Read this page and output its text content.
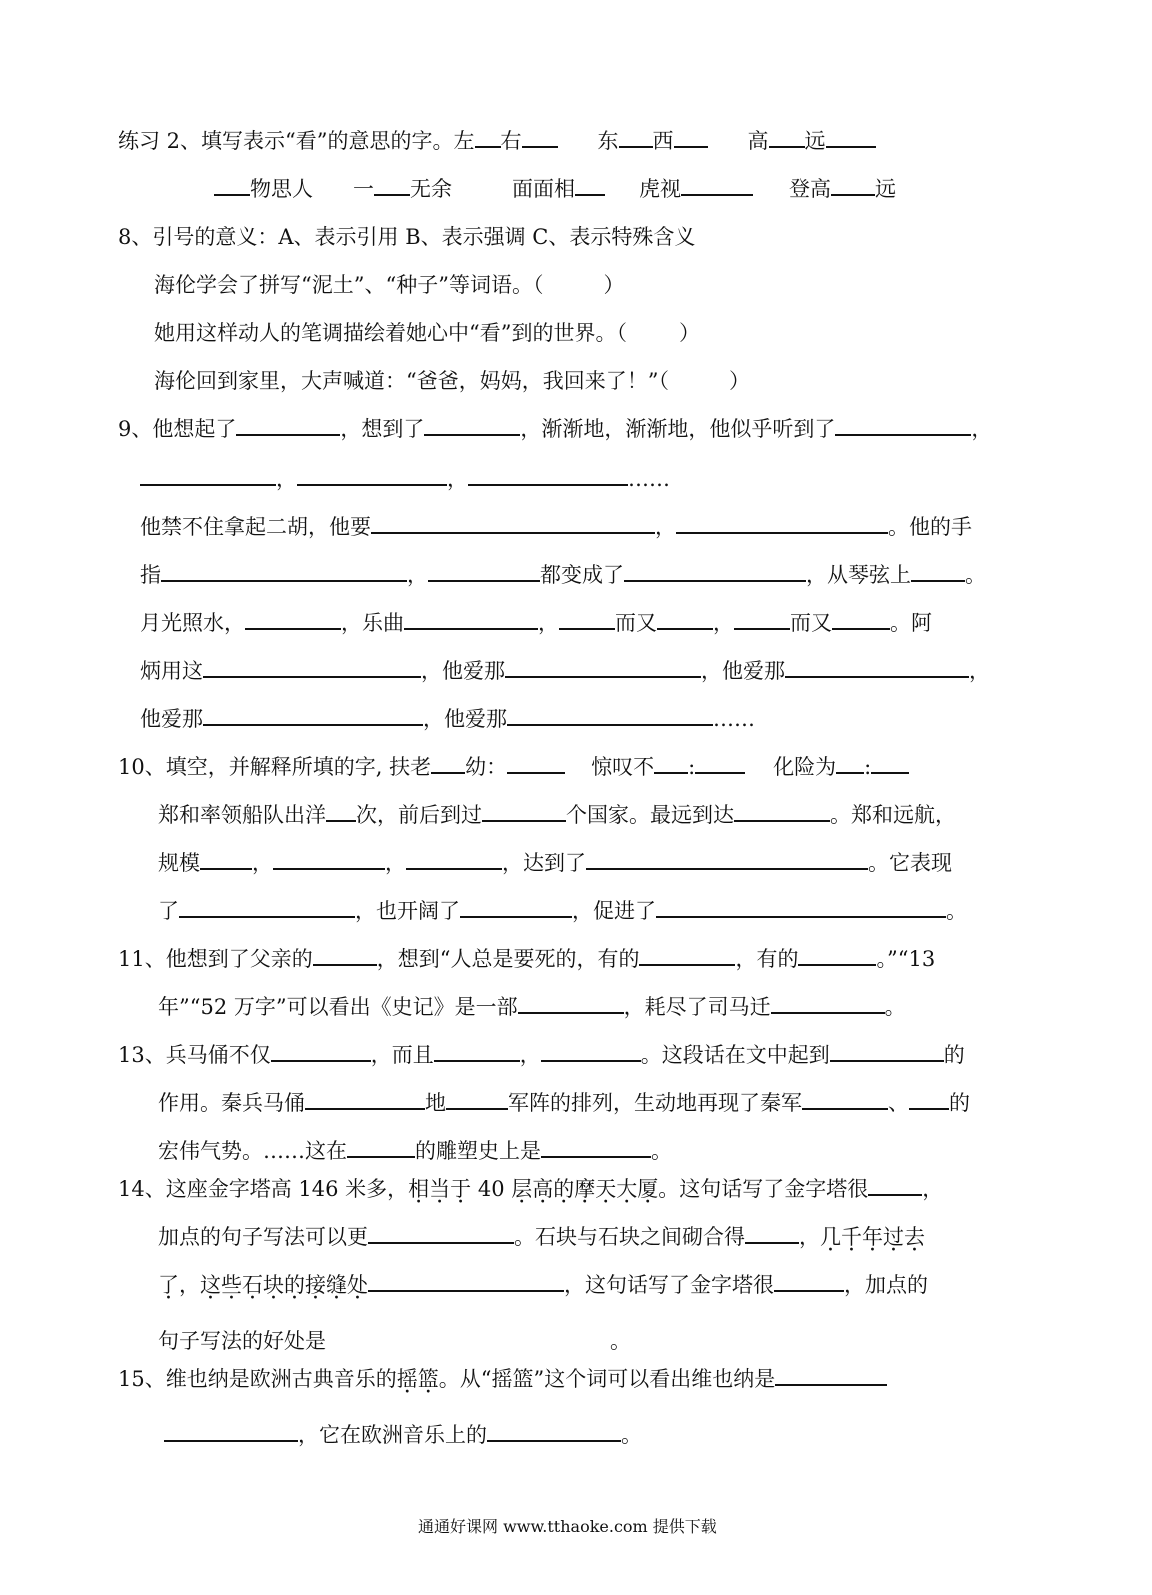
练习 2、填写表示“看”的意思的字。左 右	东 西	高 远
物思人 一 无余	面面相	虎视	登高 远
8、引号的意义：A、表示引用 B、表示强调 C、表示特殊含义
海伦学会了拼写“泥土”、“种子”等词语。（	）
她用这样动人的笔调描绘着她心中“看”到的世界。（ ）
海伦回到家里，大声喊道：“爸爸，妈妈，我回来了！”（	）
9、他想起了	，想到了	，渐渐地，渐渐地，他似乎听到了	，
，	，	……
他禁不住拿起二胡，他要	，	。他的手
指	，	都变成了	，从琴弦上	。
月光照水，	，乐曲	，	而又	，	而又	。阿
炳用这	，他爱那	，他爱那	，
他爱那	，他爱那	……
10、填空，并解释所填的字, 扶老 幼：	惊叹不 :	化险为 :
郑和率领船队出洋 次，前后到过	个国家。最远到达	。郑和远航，
规模 ，	，	，达到了	。它表现
了	，也开阔了	，促进了	。
11、他想到了父亲的	，想到“人总是要死的，有的	，有的	。”“13
年”“52 万字”可以看出《史记》是一部	，耗尽了司马迁	。
13、兵马俑不仅	，而且	，	。这段话在文中起到	的
作用。秦兵马俑	地	军阵的排列，生动地再现了秦军	、 的
宏伟气势。……这在	的雕塑史上是	。
14、这座金字塔高 146 米多，相当于 40 层高的摩天大厦。这句话写了金字塔很	，
加点的句子写法可以更	。石块与石块之间砌合得	，几千年过去
了，这些石块的接缝处	，这句话写了金字塔很	，加点的
句子写法的好处是	。
15、维也纳是欧洲古典音乐的摇篮。从“摇篮”这个词可以看出维也纳是
，它在欧洲音乐上的	。
通通好课网 www.tthaoke.com 提供下载
